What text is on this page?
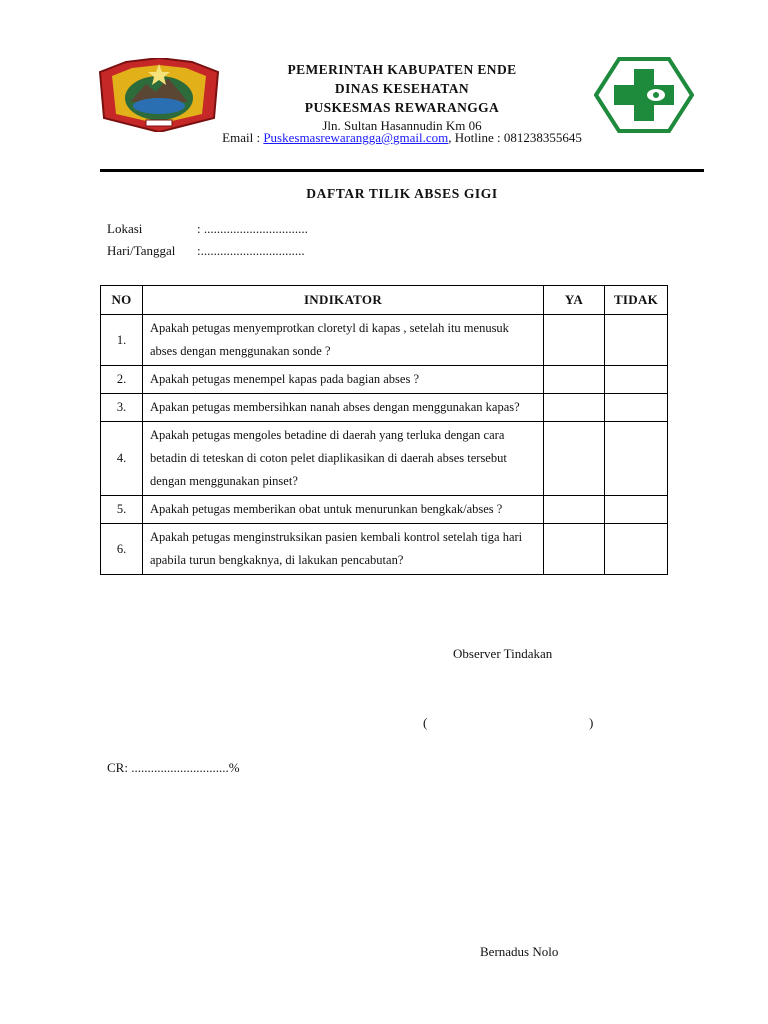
PEMERINTAH KABUPATEN ENDE
DINAS KESEHATAN
PUSKESMAS REWARANGGA
Jln. Sultan Hasannudin Km 06
Email : Puskesmasrewarangga@gmail.com, Hotline : 081238355645
DAFTAR TILIK ABSES GIGI
Lokasi	: ................................
Hari/Tanggal :................................
NO	INDIKATOR	YA	TIDAK
1.	Apakah petugas menyemprotkan cloretyl di kapas , setelah itu menusuk abses dengan menggunakan sonde ?		
2.	Apakah petugas menempel kapas pada bagian abses ?		
3.	Apakan petugas membersihkan nanah abses dengan menggunakan kapas?		
4.	Apakah petugas mengoles betadine di daerah yang terluka dengan cara betadin di teteskan di coton pelet diaplikasikan di daerah abses tersebut dengan menggunakan pinset?		
5.	Apakah petugas memberikan obat untuk menurunkan bengkak/abses ?		
6.	Apakah petugas menginstruksikan pasien kembali kontrol setelah tiga hari apabila turun bengkaknya, di lakukan pencabutan?		
Observer Tindakan
(	)
CR: ..............................%
Bernadus Nolo
